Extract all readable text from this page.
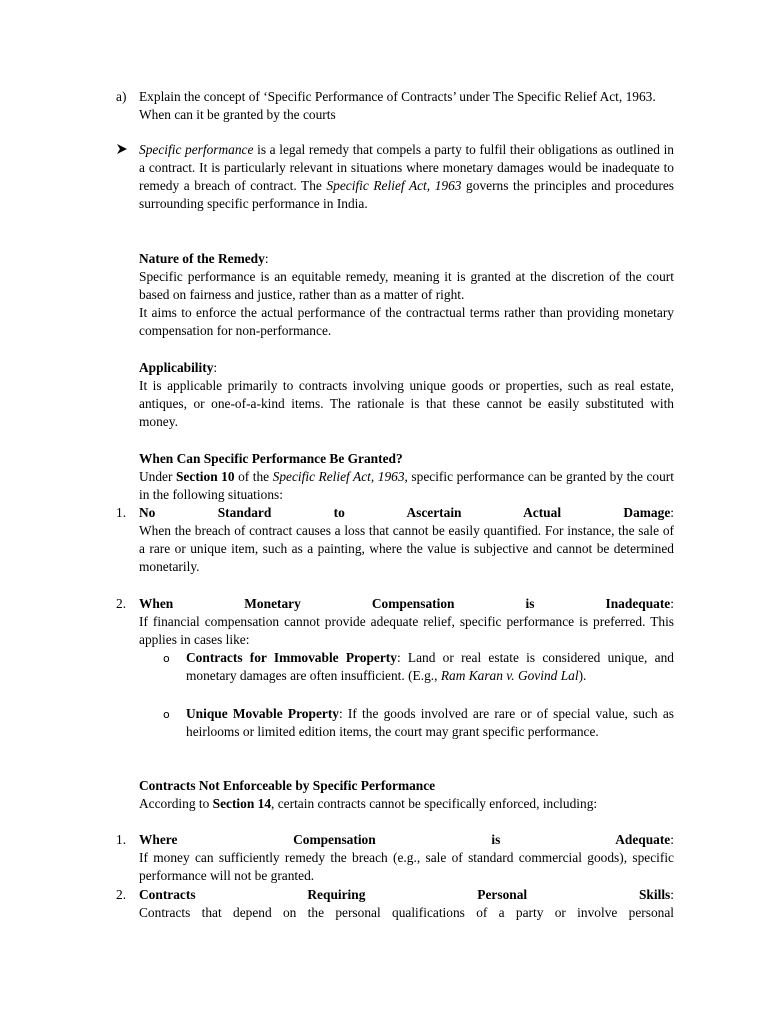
a) Explain the concept of ‘Specific Performance of Contracts’ under The Specific Relief Act, 1963. When can it be granted by the courts

Specific performance is a legal remedy that compels a party to fulfil their obligations as outlined in a contract. It is particularly relevant in situations where monetary damages would be inadequate to remedy a breach of contract. The Specific Relief Act, 1963 governs the principles and procedures surrounding specific performance in India.

Nature of the Remedy:

Specific performance is an equitable remedy, meaning it is granted at the discretion of the court based on fairness and justice, rather than as a matter of right.

It aims to enforce the actual performance of the contractual terms rather than providing monetary compensation for non-performance.

Applicability:

It is applicable primarily to contracts involving unique goods or properties, such as real estate, antiques, or one-of-a-kind items. The rationale is that these cannot be easily substituted with money.

When Can Specific Performance Be Granted?

Under Section 10 of the Specific Relief Act, 1963, specific performance can be granted by the court in the following situations:

1. No Standard to Ascertain Actual Damage:

When the breach of contract causes a loss that cannot be easily quantified. For instance, the sale of a rare or unique item, such as a painting, where the value is subjective and cannot be determined monetarily.

2. When Monetary Compensation is Inadequate:

If financial compensation cannot provide adequate relief, specific performance is preferred. This applies in cases like:

o Contracts for Immovable Property: Land or real estate is considered unique, and monetary damages are often insufficient. (E.g., Ram Karan v. Govind Lal).

o Unique Movable Property: If the goods involved are rare or of special value, such as heirlooms or limited edition items, the court may grant specific performance.

Contracts Not Enforceable by Specific Performance

According to Section 14, certain contracts cannot be specifically enforced, including:

1. Where Compensation is Adequate:

If money can sufficiently remedy the breach (e.g., sale of standard commercial goods), specific performance will not be granted.

2. Contracts Requiring Personal Skills:

Contracts that depend on the personal qualifications of a party or involve personal
